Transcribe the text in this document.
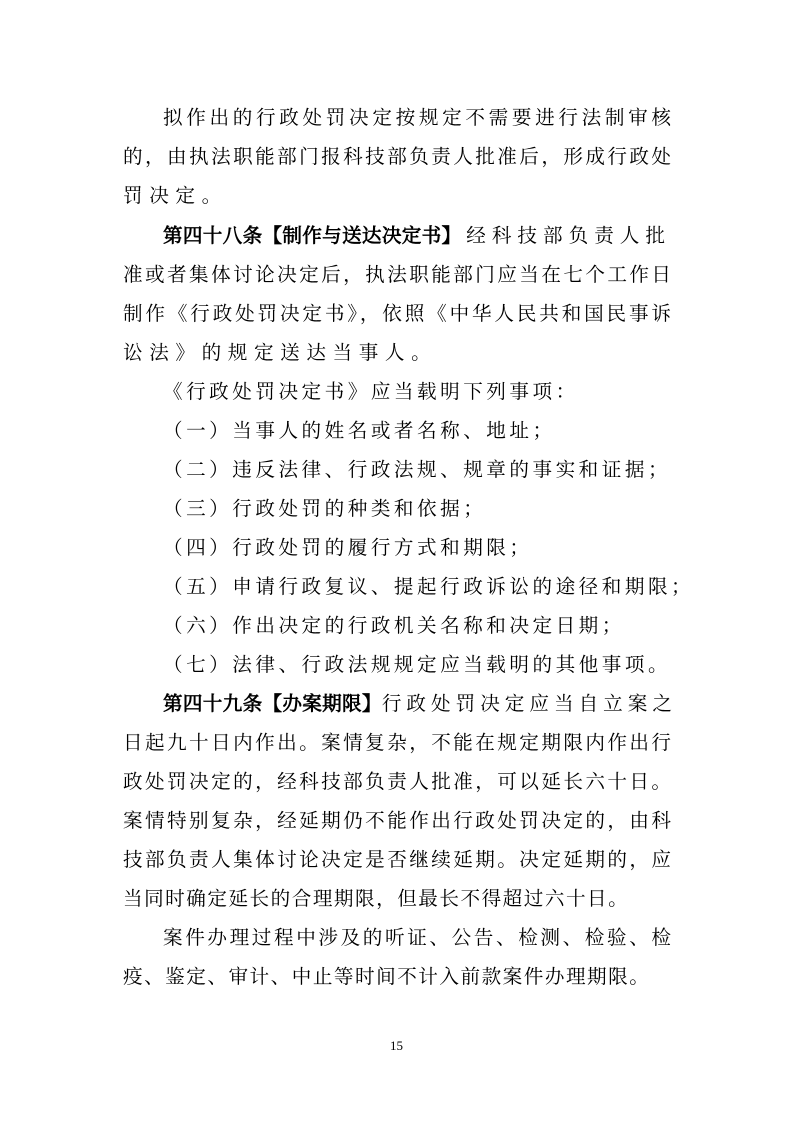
拟作出的行政处罚决定按规定不需要进行法制审核
的，由执法职能部门报科技部负责人批准后，形成行政处
罚决定。
第四十八条【制作与送达决定书】 经科技部负责人批
准或者集体讨论决定后，执法职能部门应当在七个工作日
制作《行政处罚决定书》，依照《中华人民共和国民事诉
讼法》的规定送达当事人。
《行政处罚决定书》应当载明下列事项：
（一）当事人的姓名或者名称、地址；
（二）违反法律、行政法规、规章的事实和证据；
（三）行政处罚的种类和依据；
（四）行政处罚的履行方式和期限；
（五）申请行政复议、提起行政诉讼的途径和期限；
（六）作出决定的行政机关名称和决定日期；
（七）法律、行政法规规定应当载明的其他事项。
第四十九条【办案期限】 行政处罚决定应当自立案之
日起九十日内作出。案情复杂，不能在规定期限内作出行
政处罚决定的，经科技部负责人批准，可以延长六十日。
案情特别复杂，经延期仍不能作出行政处罚决定的，由科
技部负责人集体讨论决定是否继续延期。决定延期的，应
当同时确定延长的合理期限，但最长不得超过六十日。
案件办理过程中涉及的听证、公告、检测、检验、检
疫、鉴定、审计、中止等时间不计入前款案件办理期限。
15
